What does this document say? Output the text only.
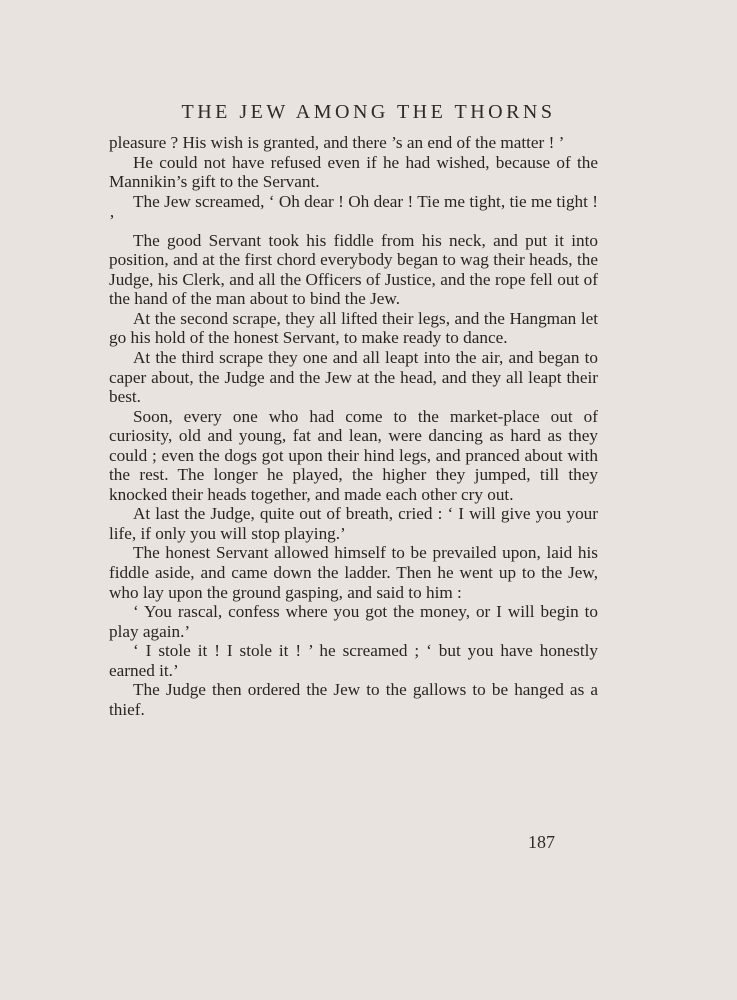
THE JEW AMONG THE THORNS

pleasure ? His wish is granted, and there ’s an end of the matter ! ’

He could not have refused even if he had wished, because of the Mannikin’s gift to the Servant.

The Jew screamed, ‘ Oh dear ! Oh dear ! Tie me tight, tie me tight ! ’

The good Servant took his fiddle from his neck, and put it into position, and at the first chord everybody began to wag their heads, the Judge, his Clerk, and all the Officers of Justice, and the rope fell out of the hand of the man about to bind the Jew.

At the second scrape, they all lifted their legs, and the Hangman let go his hold of the honest Servant, to make ready to dance.

At the third scrape they one and all leapt into the air, and began to caper about, the Judge and the Jew at the head, and they all leapt their best.

Soon, every one who had come to the market-place out of curiosity, old and young, fat and lean, were dancing as hard as they could ; even the dogs got upon their hind legs, and pranced about with the rest. The longer he played, the higher they jumped, till they knocked their heads together, and made each other cry out.

At last the Judge, quite out of breath, cried : ‘ I will give you your life, if only you will stop playing.’

The honest Servant allowed himself to be prevailed upon, laid his fiddle aside, and came down the ladder. Then he went up to the Jew, who lay upon the ground gasping, and said to him :

‘ You rascal, confess where you got the money, or I will begin to play again.’

‘ I stole it ! I stole it ! ’ he screamed ; ‘ but you have honestly earned it.’

The Judge then ordered the Jew to the gallows to be hanged as a thief.

187
